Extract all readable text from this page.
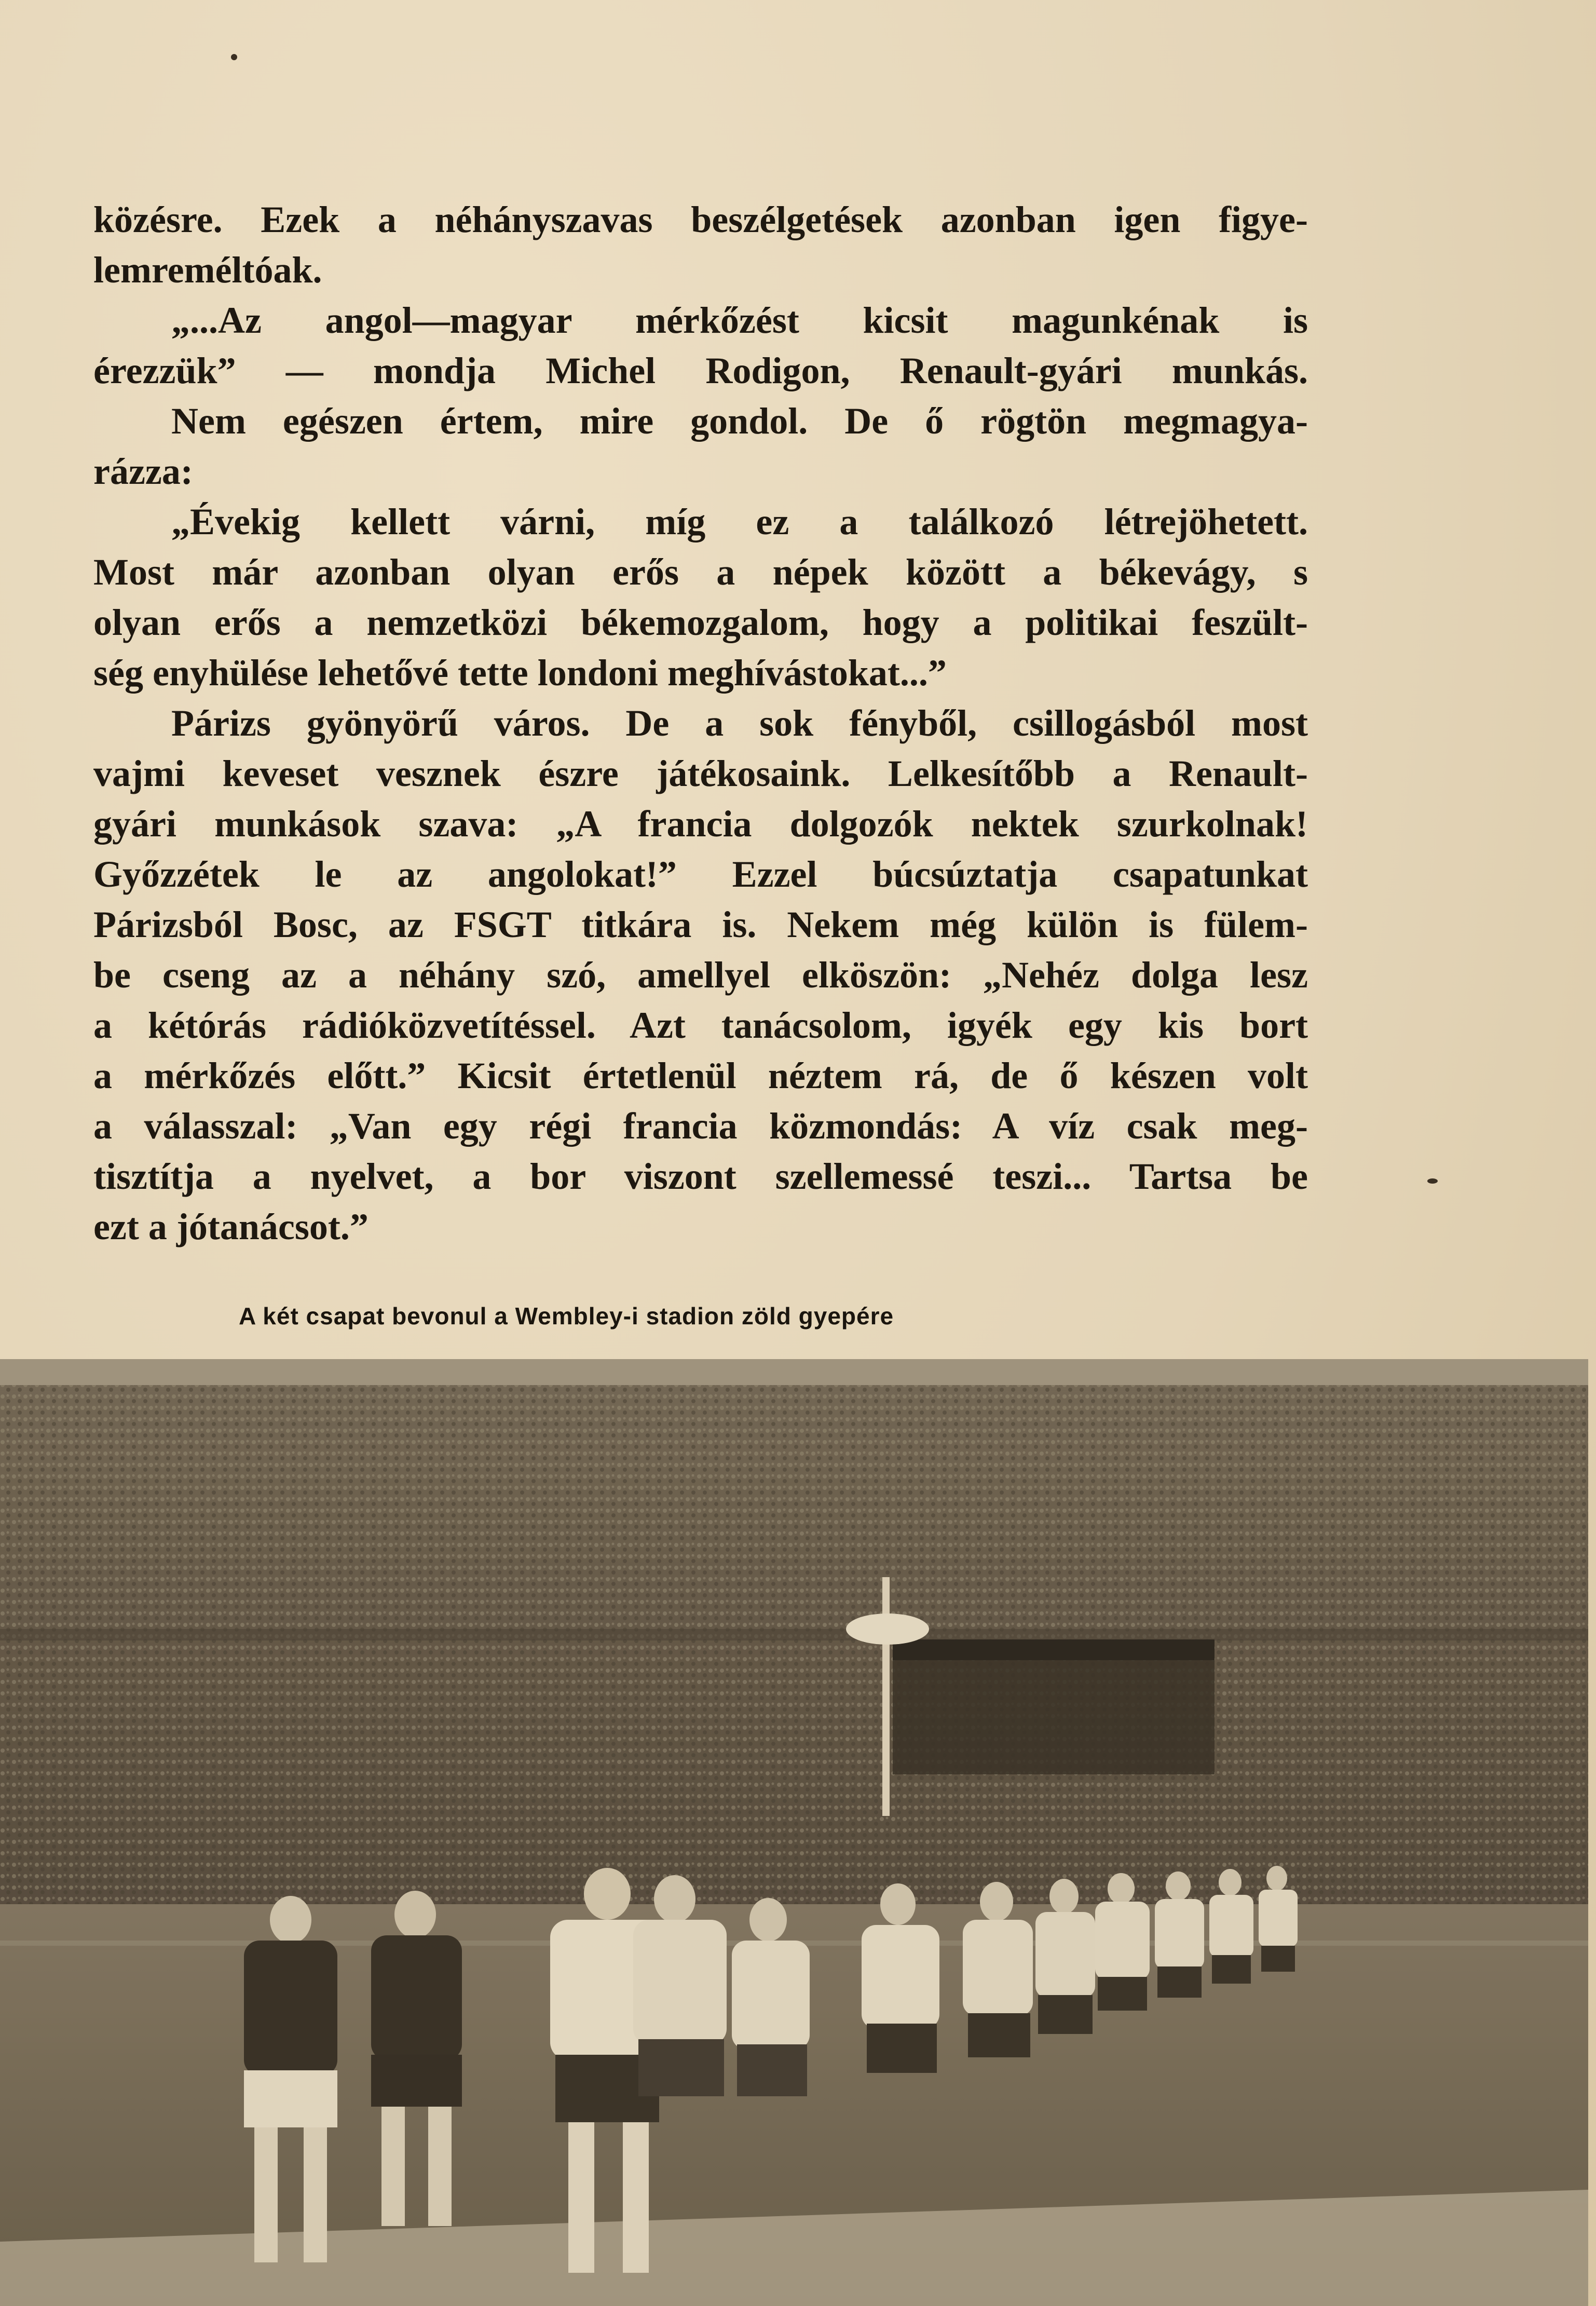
közésre. Ezek a néhányszavas beszélgetések azonban igen figye-
lemreméltóak.
„...Az angol—magyar mérkőzést kicsit magunkénak is
érezzük” — mondja Michel Rodigon, Renault-gyári munkás.
Nem egészen értem, mire gondol. De ő rögtön megmagya-
rázza:
„Évekig kellett várni, míg ez a találkozó létrejöhetett.
Most már azonban olyan erős a népek között a békevágy, s
olyan erős a nemzetközi békemozgalom, hogy a politikai feszült-
ség enyhülése lehetővé tette londoni meghívástokat...”
Párizs gyönyörű város. De a sok fényből, csillogásból most
vajmi keveset vesznek észre játékosaink. Lelkesítőbb a Renault-
gyári munkások szava: „A francia dolgozók nektek szurkolnak!
Győzzétek le az angolokat!” Ezzel búcsúztatja csapatunkat
Párizsból Bosc, az FSGT titkára is. Nekem még külön is fülem-
be cseng az a néhány szó, amellyel elköszön: „Nehéz dolga lesz
a kétórás rádióközvetítéssel. Azt tanácsolom, igyék egy kis bort
a mérkőzés előtt.” Kicsit értetlenül néztem rá, de ő készen volt
a válasszal: „Van egy régi francia közmondás: A víz csak meg-
tisztítja a nyelvet, a bor viszont szellemessé teszi... Tartsa be
ezt a jótanácsot.”
A két csapat bevonul a Wembley-i stadion zöld gyepére
